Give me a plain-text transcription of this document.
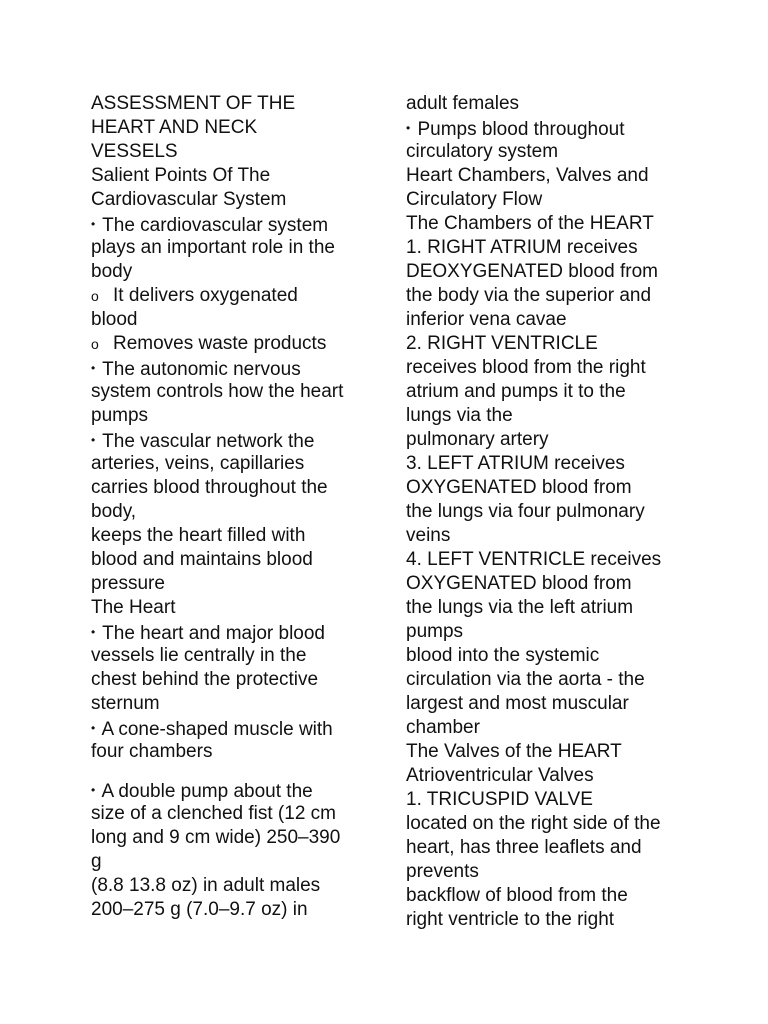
ASSESSMENT OF THE
HEART AND NECK
VESSELS
Salient Points Of The
Cardiovascular System
• The cardiovascular system
plays an important role in the
body
o It delivers oxygenated
blood
o Removes waste products
• The autonomic nervous
system controls how the heart
pumps
• The vascular network the
arteries, veins, capillaries
carries blood throughout the
body,
keeps the heart filled with
blood and maintains blood
pressure
The Heart
• The heart and major blood
vessels lie centrally in the
chest behind the protective
sternum
• A cone-shaped muscle with
four chambers
• A double pump about the
size of a clenched fist (12 cm
long and 9 cm wide) 250–390
g
(8.8 13.8 oz) in adult males
200–275 g (7.0–9.7 oz) in
adult females
• Pumps blood throughout
circulatory system
Heart Chambers, Valves and
Circulatory Flow
The Chambers of the HEART
1. RIGHT ATRIUM receives
DEOXYGENATED blood from
the body via the superior and
inferior vena cavae
2. RIGHT VENTRICLE
receives blood from the right
atrium and pumps it to the
lungs via the
pulmonary artery
3. LEFT ATRIUM receives
OXYGENATED blood from
the lungs via four pulmonary
veins
4. LEFT VENTRICLE receives
OXYGENATED blood from
the lungs via the left atrium
pumps
blood into the systemic
circulation via the aorta - the
largest and most muscular
chamber
The Valves of the HEART
Atrioventricular Valves
1. TRICUSPID VALVE
located on the right side of the
heart, has three leaflets and
prevents
backflow of blood from the
right ventricle to the right
